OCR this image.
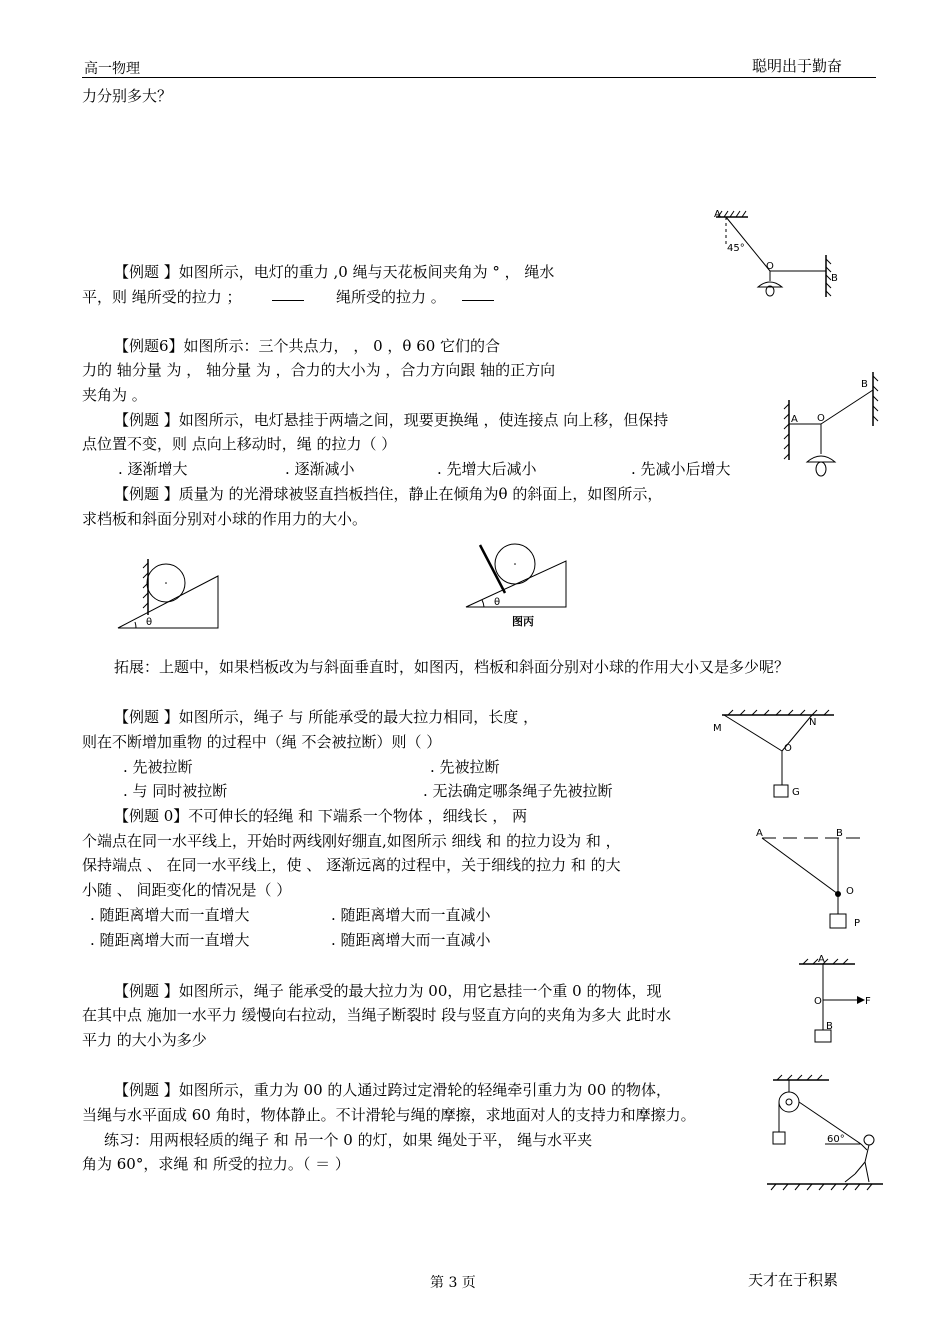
高一物理	聪明出于勤奋
力分别多大？
【例题 】如图所示，电灯的重力 ,0 绳与天花板间夹角为 ° ， 绳水
平，则 绳所受的拉力 ；	绳所受的拉力 。
【例题6】如图所示：三个共点力， ， 0 ，θ 60 它们的合
力的 轴分量 为 ， 轴分量 为 ，合力的大小为 ，合力方向跟 轴的正方向
夹角为 。
【例题 】如图所示，电灯悬挂于两墙之间，现要更换绳 ，使连接点 向上移，但保持
点位置不变，则 点向上移动时，绳 的拉力（ ）
. 逐渐增大	. 逐渐减小	. 先增大后减小	. 先减小后增大
【例题 】质量为 的光滑球被竖直挡板挡住，静止在倾角为θ 的斜面上，如图所示，
求档板和斜面分别对小球的作用力的大小。
拓展：上题中，如果档板改为与斜面垂直时，如图丙，档板和斜面分别对小球的作用大小又是多少呢？
【例题 】如图所示，绳子 与 所能承受的最大拉力相同，长度 ，
则在不断增加重物 的过程中（绳 不会被拉断）则（ ）
. 先被拉断	. 先被拉断
. 与 同时被拉断	. 无法确定哪条绳子先被拉断
【例题 0】不可伸长的轻绳 和 下端系一个物体 ，细线长 ， 两
个端点在同一水平线上，开始时两线刚好绷直,如图所示 细线 和 的拉力设为 和 ，
保持端点 、 在同一水平线上，使 、 逐渐远离的过程中，关于细线的拉力 和 的大
小随 、 间距变化的情况是（ ）
. 随距离增大而一直增大	. 随距离增大而一直减小
. 随距离增大而一直增大	. 随距离增大而一直减小
【例题 】如图所示，绳子 能承受的最大拉力为 00，用它悬挂一个重 0 的物体，现
在其中点 施加一水平力 缓慢向右拉动，当绳子断裂时 段与竖直方向的夹角为多大 此时水
平力 的大小为多少
【例题 】如图所示，重力为 00 的人通过跨过定滑轮的轻绳牵引重力为 00 的物体，
当绳与水平面成 60 角时，物体静止。不计滑轮与绳的摩擦，求地面对人的支持力和摩擦力。
练习：用两根轻质的绳子 和 吊一个 0 的灯，如果 绳处于平， 绳与水平夹
角为 60°，求绳 和 所受的拉力。（ ＝ ）
A
45°
O
B
A O
B
θ
θ
图丙
M
N
O
G
A	B
O
P
A
O	F
B
60°
第 3 页	天才在于积累
